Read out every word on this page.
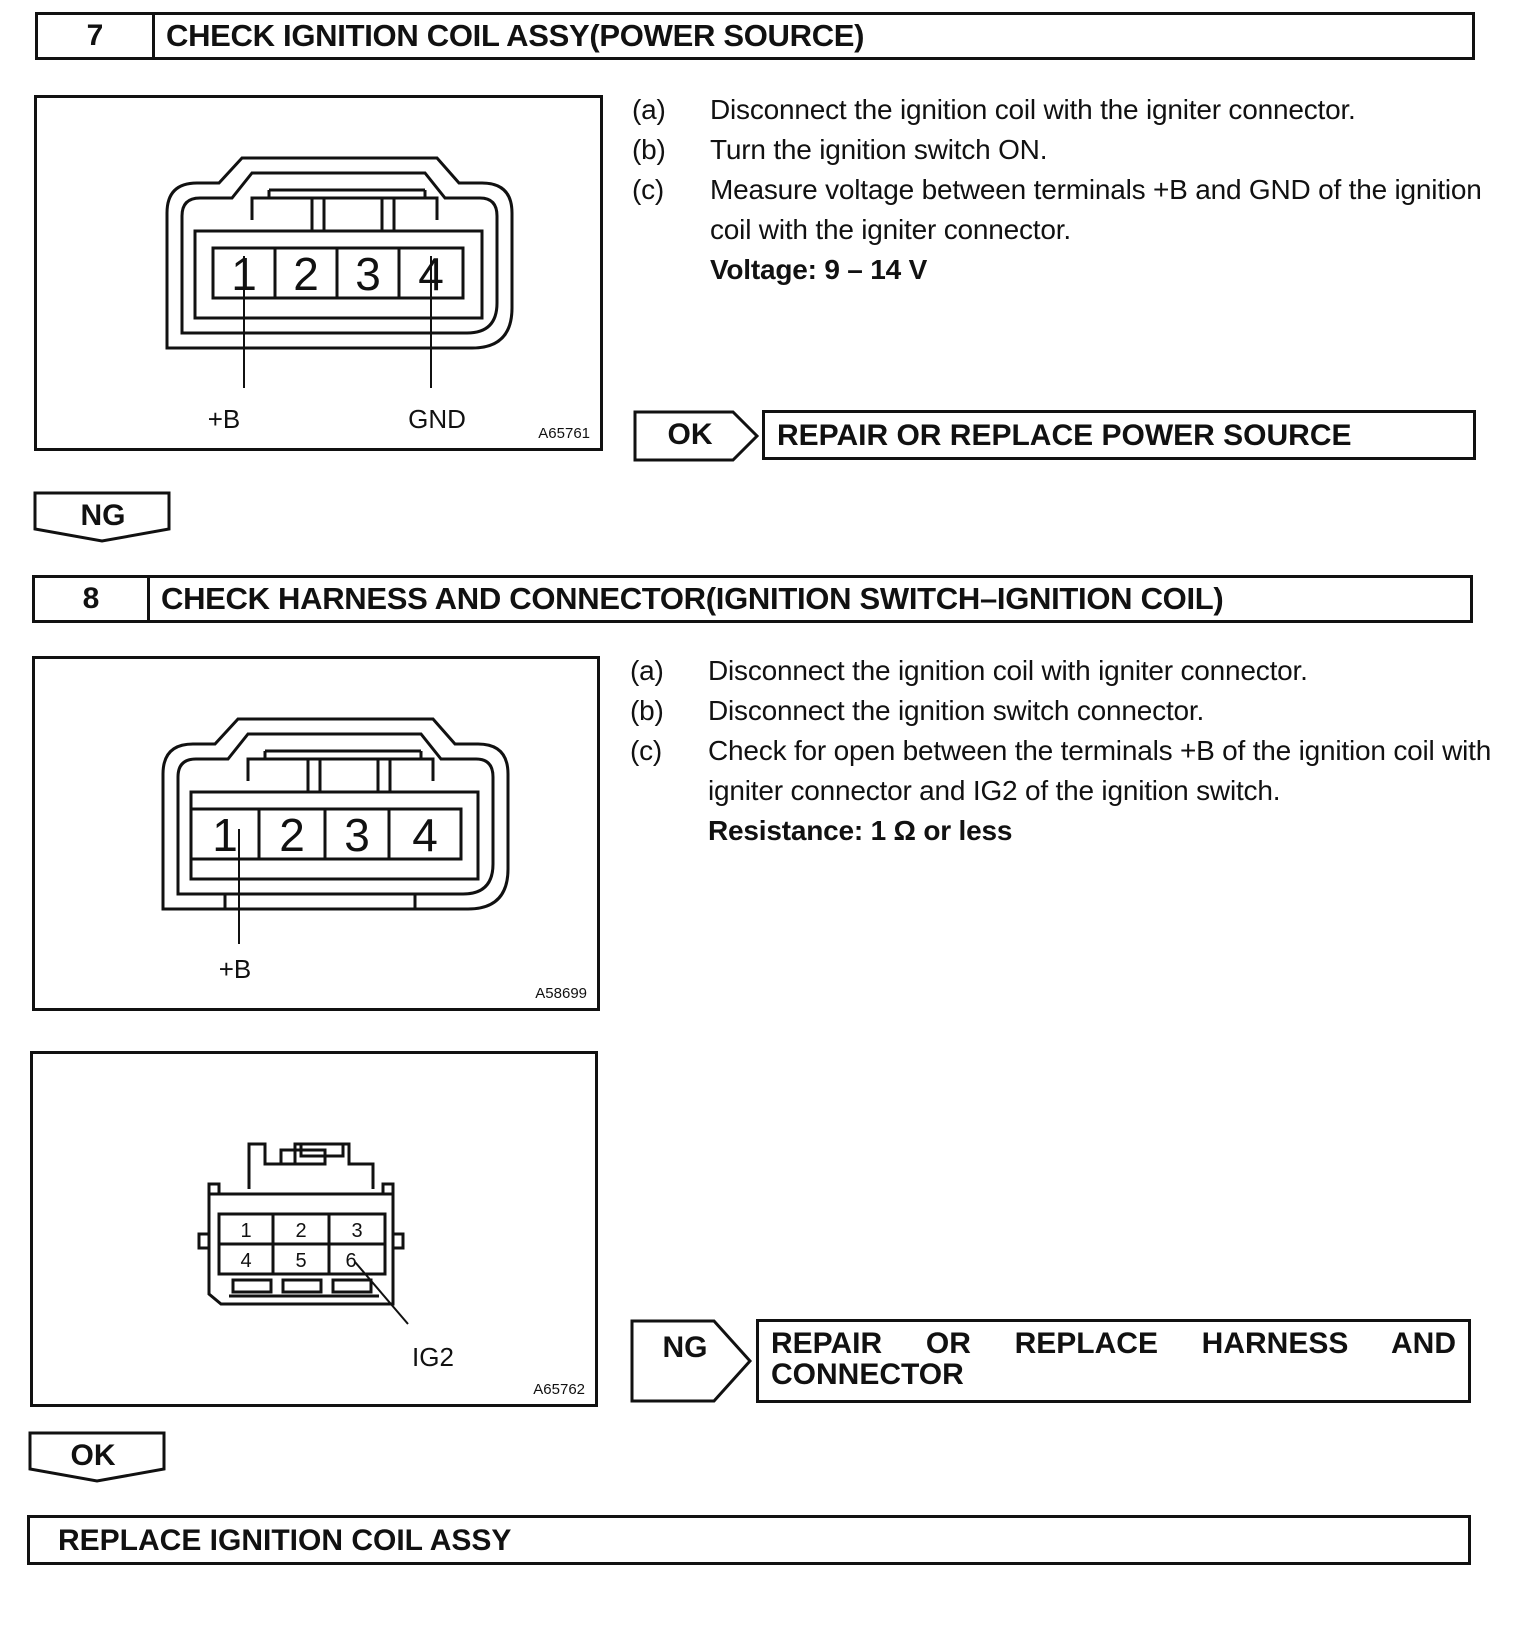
7	CHECK IGNITION COIL ASSY(POWER SOURCE)
1 2 3 4
+B	GND	A65761
(a)	Disconnect the ignition coil with the igniter connector.
(b)	Turn the ignition switch ON.
(c)	Measure voltage between terminals +B and GND of the ignition coil with the igniter connector.
Voltage: 9 – 14 V
OK	REPAIR OR REPLACE POWER SOURCE
NG
8	CHECK HARNESS AND CONNECTOR(IGNITION SWITCH–IGNITION COIL)
1 2 3 4
+B
A58699
1 2 3
4 5 6
IG2
A65762
(a)	Disconnect the ignition coil with igniter connector.
(b)	Disconnect the ignition switch connector.
(c)	Check for open between the terminals +B of the ignition coil with igniter connector and IG2 of the ignition switch.
Resistance: 1 Ω or less
NG	REPAIR OR REPLACE HARNESS AND CONNECTOR
OK
REPLACE IGNITION COIL ASSY
